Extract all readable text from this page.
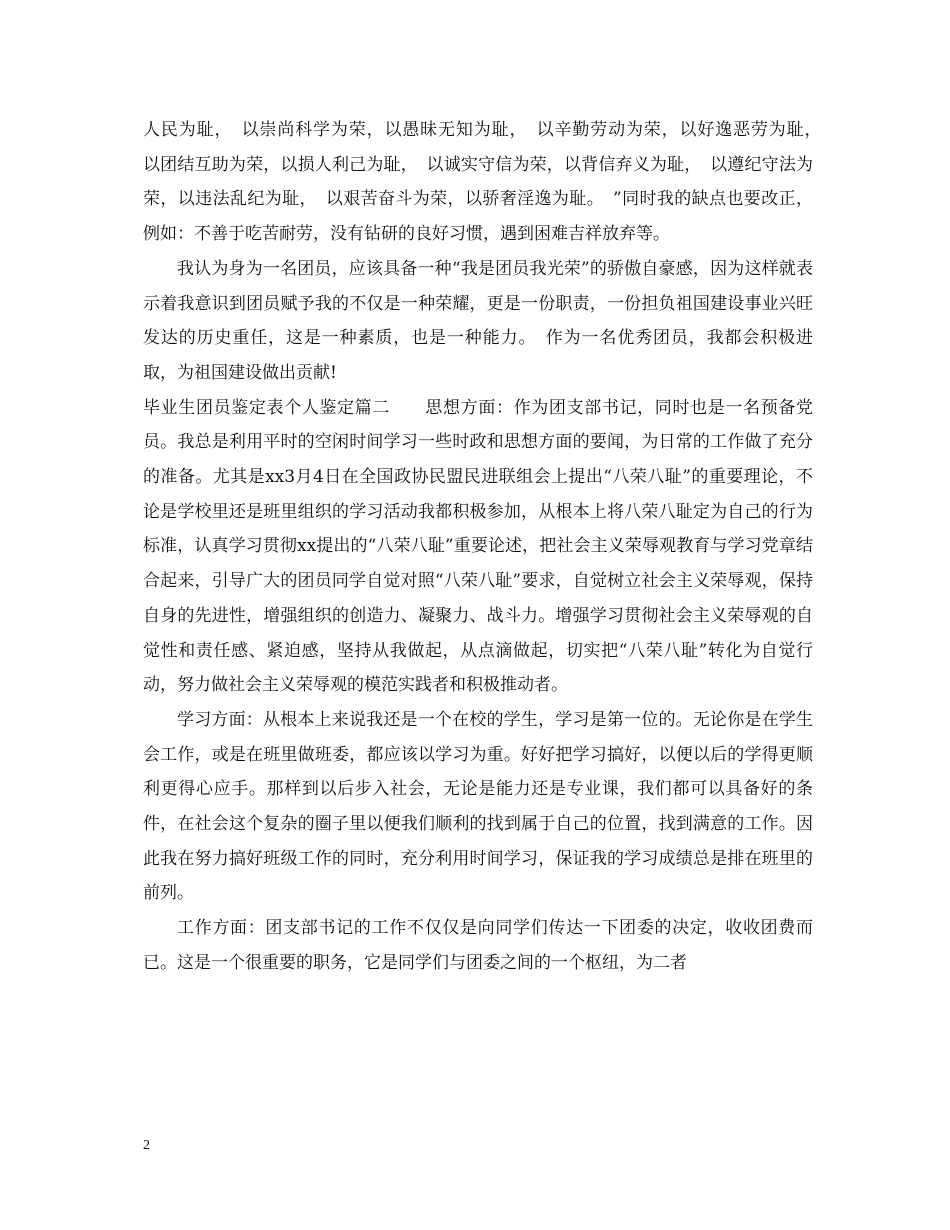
人民为耻，　以崇尚科学为荣，以愚昧无知为耻，　以辛勤劳动为荣，以好逸恶劳为耻，　以团结互助为荣，以损人利己为耻，　以诚实守信为荣，以背信弃义为耻，　以遵纪守法为荣，以违法乱纪为耻，　以艰苦奋斗为荣，以骄奢淫逸为耻。　”同时我的缺点也要改正，例如：不善于吃苦耐劳，没有钻研的良好习惯，遇到困难吉祥放弃等。

我认为身为一名团员，应该具备一种“我是团员我光荣”的骄傲自豪感，因为这样就表示着我意识到团员赋予我的不仅是一种荣耀，更是一份职责，一份担负祖国建设事业兴旺发达的历史重任，这是一种素质，也是一种能力。　作为一名优秀团员，我都会积极进取，为祖国建设做出贡献!

毕业生团员鉴定表个人鉴定篇二　　思想方面：作为团支部书记，同时也是一名预备党员。我总是利用平时的空闲时间学习一些时政和思想方面的要闻，为日常的工作做了充分的准备。尤其是xx3月4日在全国政协民盟民进联组会上提出“八荣八耻”的重要理论，不论是学校里还是班里组织的学习活动我都积极参加，从根本上将八荣八耻定为自己的行为标准，认真学习贯彻xx提出的“八荣八耻”重要论述，把社会主义荣辱观教育与学习党章结合起来，引导广大的团员同学自觉对照“八荣八耻”要求，自觉树立社会主义荣辱观，保持自身的先进性，增强组织的创造力、凝聚力、战斗力。增强学习贯彻社会主义荣辱观的自觉性和责任感、紧迫感，坚持从我做起，从点滴做起，切实把“八荣八耻”转化为自觉行动，努力做社会主义荣辱观的模范实践者和积极推动者。

学习方面：从根本上来说我还是一个在校的学生，学习是第一位的。无论你是在学生会工作，或是在班里做班委，都应该以学习为重。好好把学习搞好，以便以后的学得更顺利更得心应手。那样到以后步入社会，无论是能力还是专业课，我们都可以具备好的条件，在社会这个复杂的圈子里以便我们顺利的找到属于自己的位置，找到满意的工作。因此我在努力搞好班级工作的同时，充分利用时间学习，保证我的学习成绩总是排在班里的前列。

工作方面：团支部书记的工作不仅仅是向同学们传达一下团委的决定，收收团费而已。这是一个很重要的职务，它是同学们与团委之间的一个枢纽，为二者

2
